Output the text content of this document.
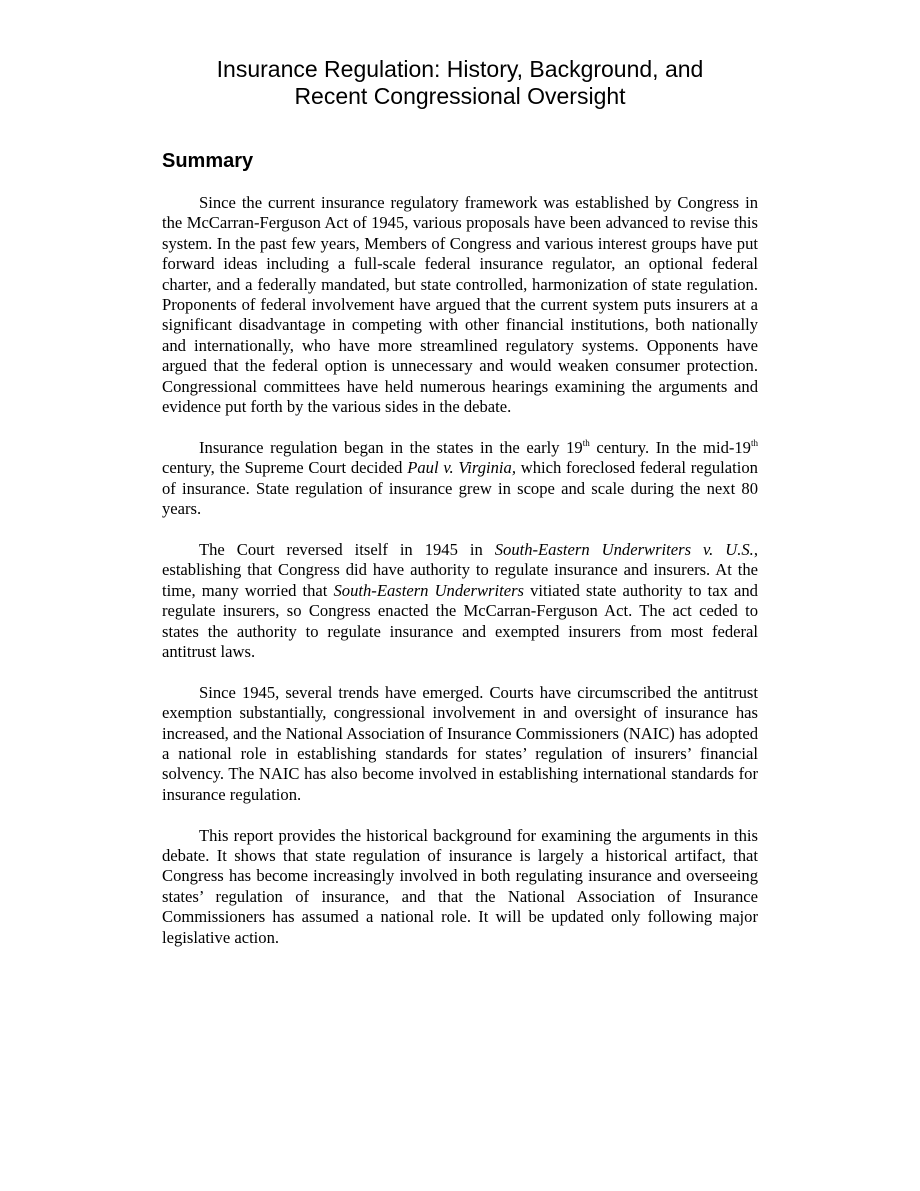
Insurance Regulation: History, Background, and
Recent Congressional Oversight
Summary

Since the current insurance regulatory framework was established by Congress in the McCarran-Ferguson Act of 1945, various proposals have been advanced to revise this system. In the past few years, Members of Congress and various interest groups have put forward ideas including a full-scale federal insurance regulator, an optional federal charter, and a federally mandated, but state controlled, harmonization of state regulation. Proponents of federal involvement have argued that the current system puts insurers at a significant disadvantage in competing with other financial institutions, both nationally and internationally, who have more streamlined regulatory systems. Opponents have argued that the federal option is unnecessary and would weaken consumer protection. Congressional committees have held numerous hearings examining the arguments and evidence put forth by the various sides in the debate.

Insurance regulation began in the states in the early 19th century. In the mid-19th century, the Supreme Court decided Paul v. Virginia, which foreclosed federal regulation of insurance. State regulation of insurance grew in scope and scale during the next 80 years.

The Court reversed itself in 1945 in South-Eastern Underwriters v. U.S., establishing that Congress did have authority to regulate insurance and insurers. At the time, many worried that South-Eastern Underwriters vitiated state authority to tax and regulate insurers, so Congress enacted the McCarran-Ferguson Act. The act ceded to states the authority to regulate insurance and exempted insurers from most federal antitrust laws.

Since 1945, several trends have emerged. Courts have circumscribed the antitrust exemption substantially, congressional involvement in and oversight of insurance has increased, and the National Association of Insurance Commissioners (NAIC) has adopted a national role in establishing standards for states’ regulation of insurers’ financial solvency. The NAIC has also become involved in establishing international standards for insurance regulation.

This report provides the historical background for examining the arguments in this debate. It shows that state regulation of insurance is largely a historical artifact, that Congress has become increasingly involved in both regulating insurance and overseeing states’ regulation of insurance, and that the National Association of Insurance Commissioners has assumed a national role. It will be updated only following major legislative action.
